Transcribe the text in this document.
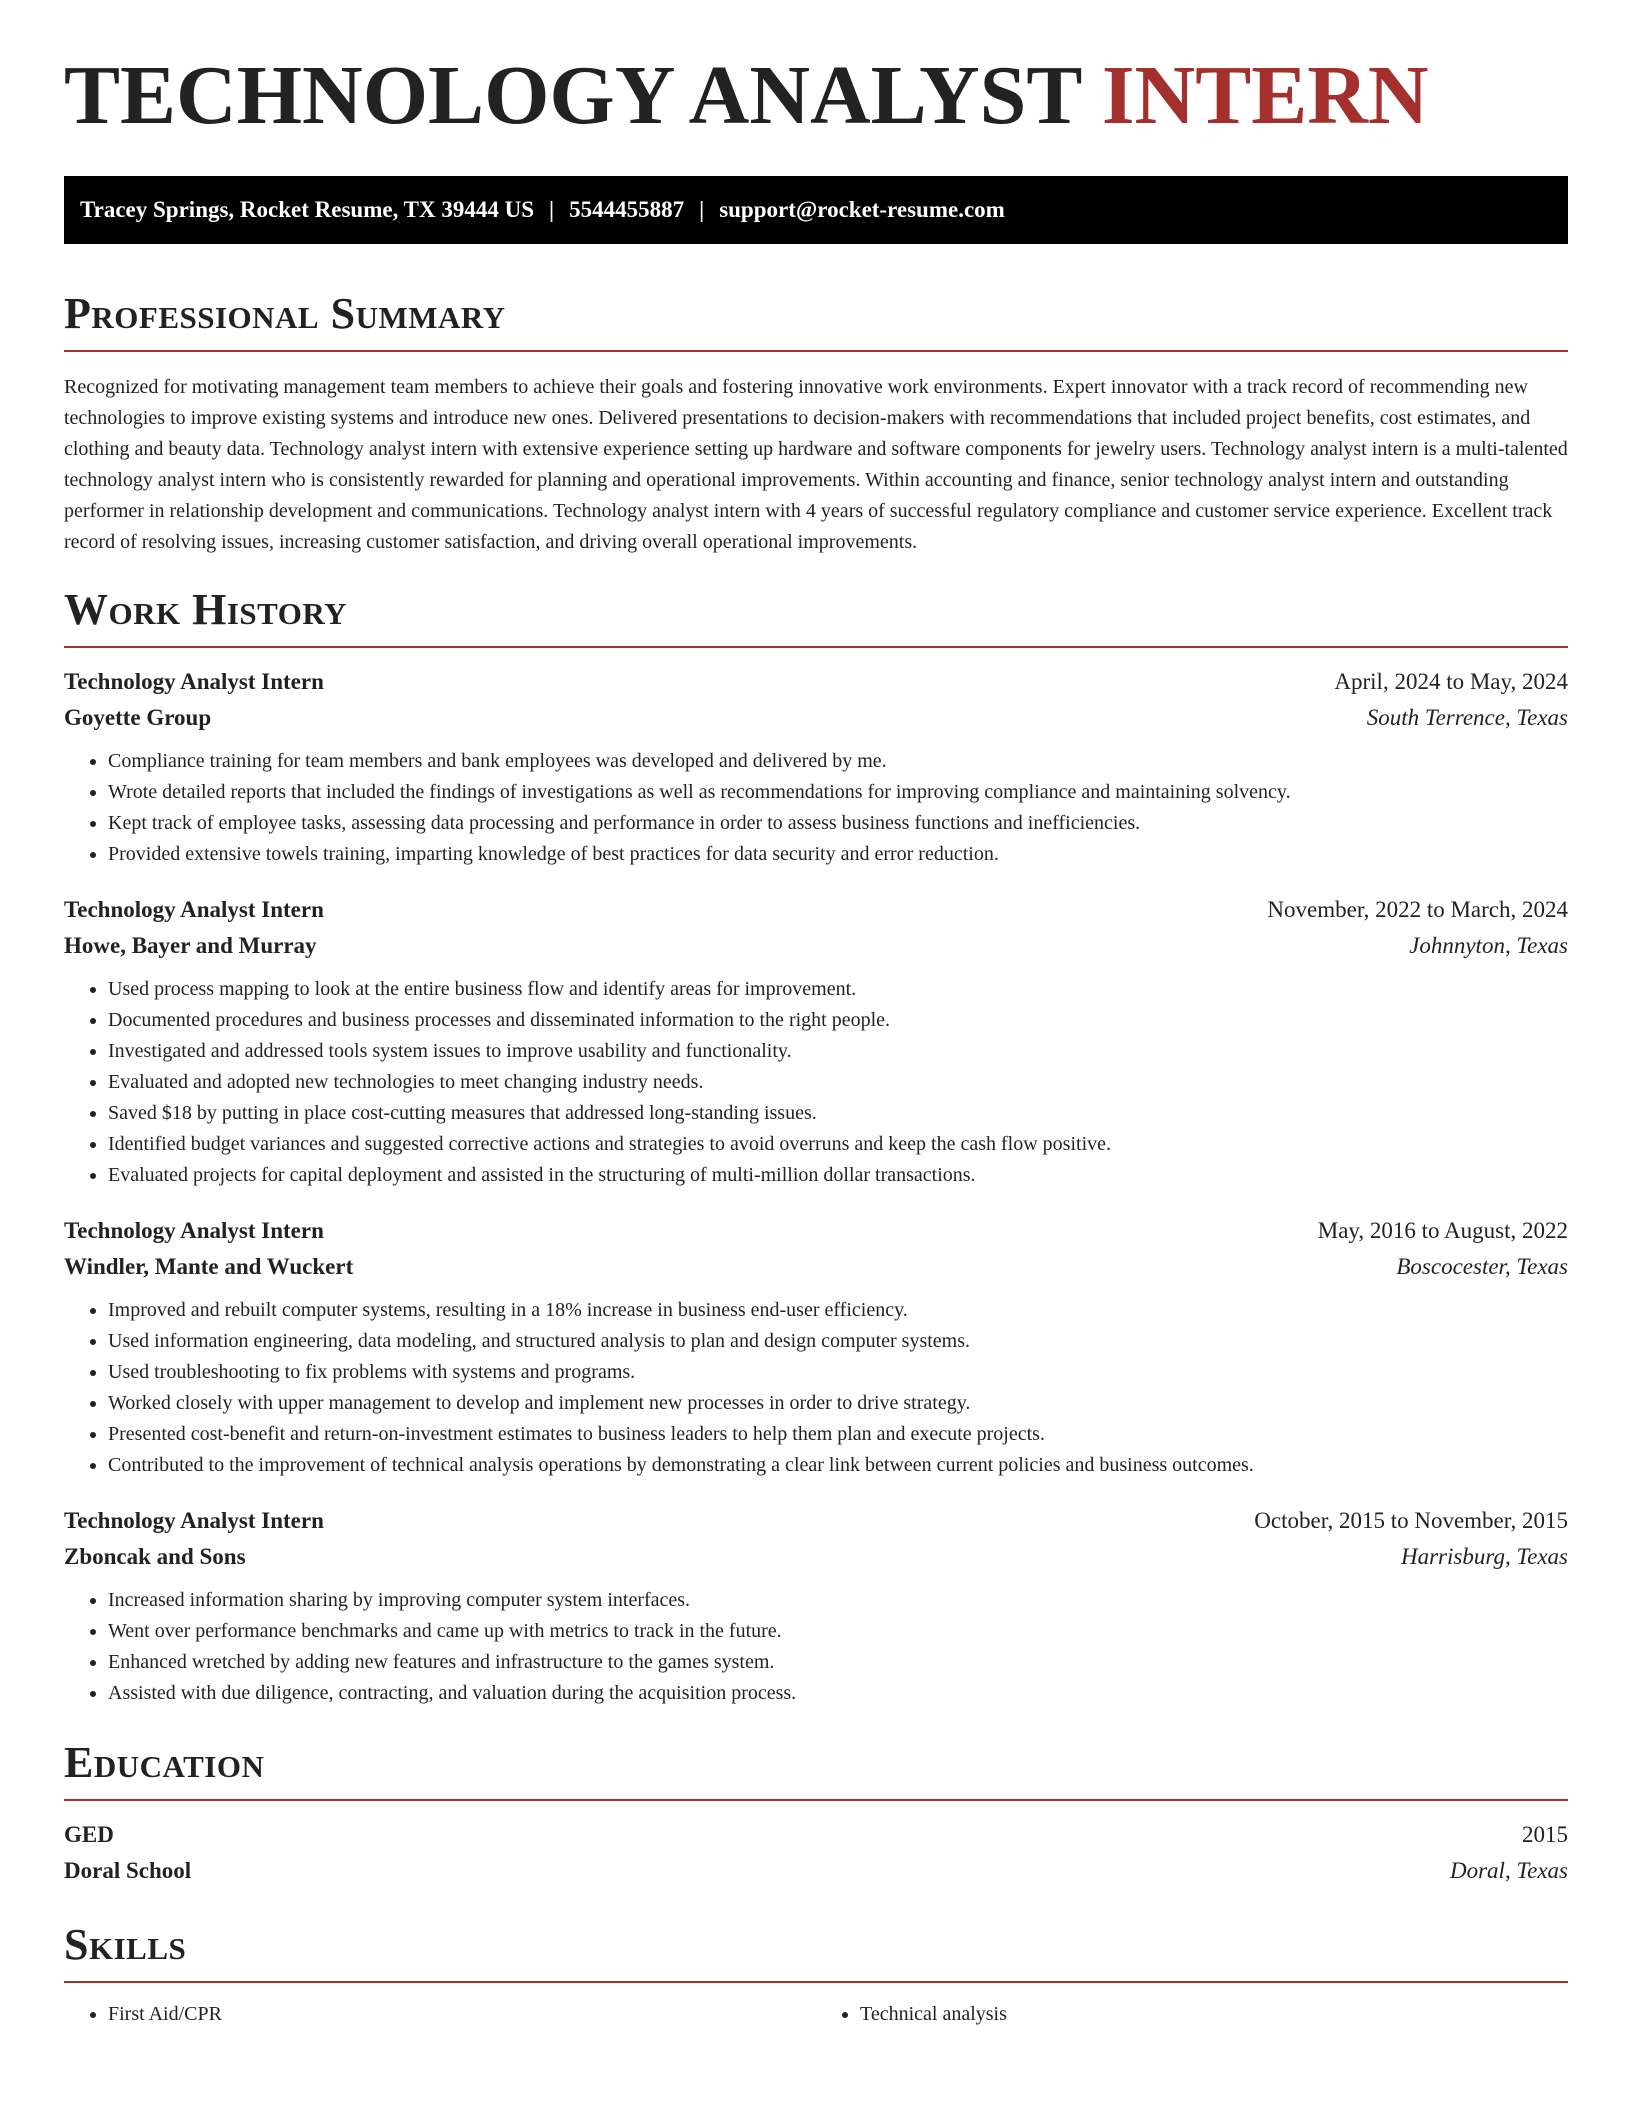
TECHNOLOGY ANALYST INTERN
Tracey Springs, Rocket Resume, TX 39444 US | 5544455887 | support@rocket-resume.com
Professional Summary

Recognized for motivating management team members to achieve their goals and fostering innovative work environments. Expert innovator with a track record of recommending new technologies to improve existing systems and introduce new ones. Delivered presentations to decision-makers with recommendations that included project benefits, cost estimates, and clothing and beauty data. Technology analyst intern with extensive experience setting up hardware and software components for jewelry users. Technology analyst intern is a multi-talented technology analyst intern who is consistently rewarded for planning and operational improvements. Within accounting and finance, senior technology analyst intern and outstanding performer in relationship development and communications. Technology analyst intern with 4 years of successful regulatory compliance and customer service experience. Excellent track record of resolving issues, increasing customer satisfaction, and driving overall operational improvements.

Work History
Technology Analyst Intern	April, 2024 to May, 2024
Goyette Group	South Terrence, Texas
• Compliance training for team members and bank employees was developed and delivered by me.
• Wrote detailed reports that included the findings of investigations as well as recommendations for improving compliance and maintaining solvency.
• Kept track of employee tasks, assessing data processing and performance in order to assess business functions and inefficiencies.
• Provided extensive towels training, imparting knowledge of best practices for data security and error reduction.
Technology Analyst Intern	November, 2022 to March, 2024
Howe, Bayer and Murray	Johnnyton, Texas
• Used process mapping to look at the entire business flow and identify areas for improvement.
• Documented procedures and business processes and disseminated information to the right people.
• Investigated and addressed tools system issues to improve usability and functionality.
• Evaluated and adopted new technologies to meet changing industry needs.
• Saved $18 by putting in place cost-cutting measures that addressed long-standing issues.
• Identified budget variances and suggested corrective actions and strategies to avoid overruns and keep the cash flow positive.
• Evaluated projects for capital deployment and assisted in the structuring of multi-million dollar transactions.
Technology Analyst Intern	May, 2016 to August, 2022
Windler, Mante and Wuckert	Boscocester, Texas
• Improved and rebuilt computer systems, resulting in a 18% increase in business end-user efficiency.
• Used information engineering, data modeling, and structured analysis to plan and design computer systems.
• Used troubleshooting to fix problems with systems and programs.
• Worked closely with upper management to develop and implement new processes in order to drive strategy.
• Presented cost-benefit and return-on-investment estimates to business leaders to help them plan and execute projects.
• Contributed to the improvement of technical analysis operations by demonstrating a clear link between current policies and business outcomes.
Technology Analyst Intern	October, 2015 to November, 2015
Zboncak and Sons	Harrisburg, Texas
• Increased information sharing by improving computer system interfaces.
• Went over performance benchmarks and came up with metrics to track in the future.
• Enhanced wretched by adding new features and infrastructure to the games system.
• Assisted with due diligence, contracting, and valuation during the acquisition process.
Education
GED	2015
Doral School	Doral, Texas
Skills
• First Aid/CPR
•	Technical analysis
